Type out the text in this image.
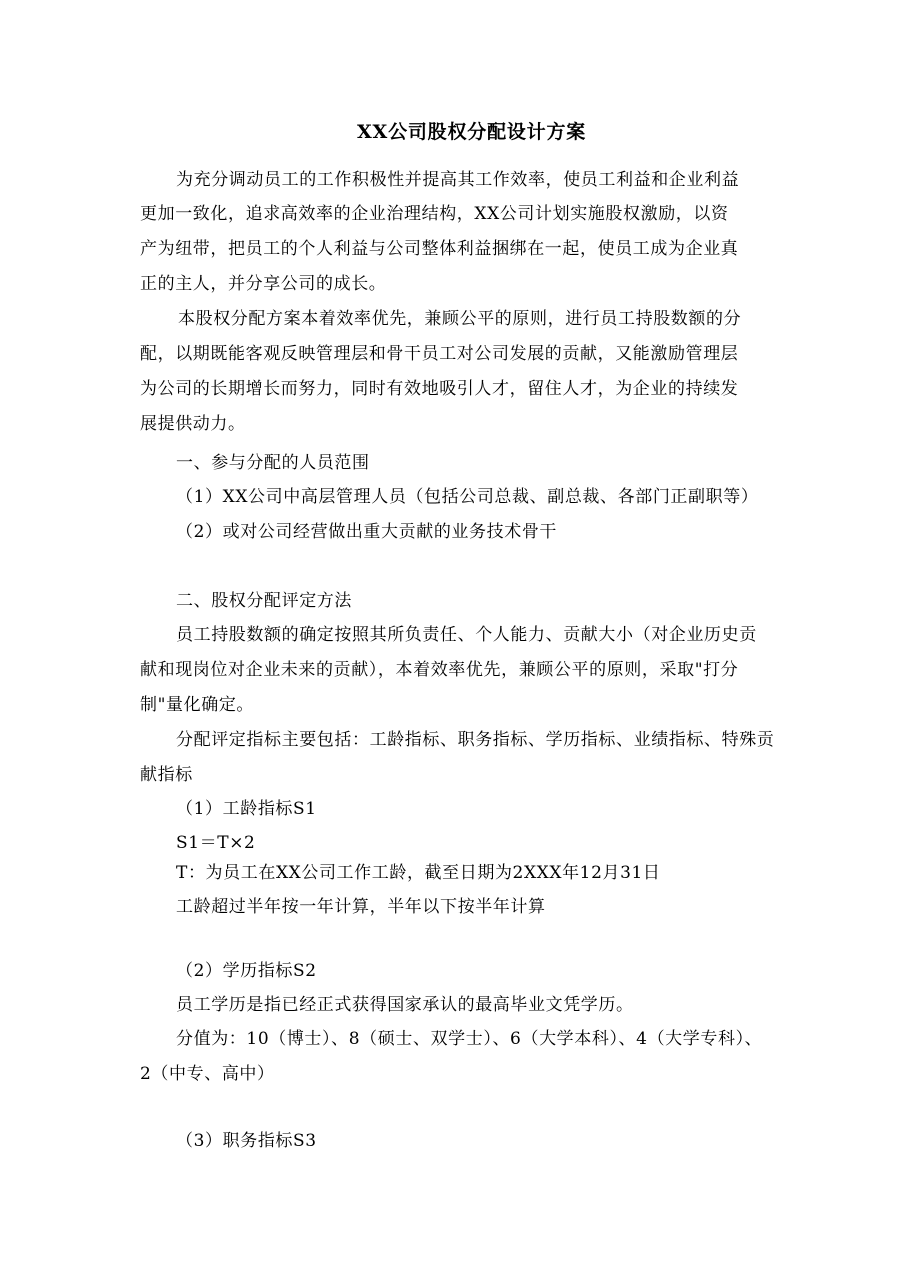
XX公司股权分配设计方案
为充分调动员工的工作积极性并提高其工作效率，使员工利益和企业利益
更加一致化，追求高效率的企业治理结构，XX公司计划实施股权激励，以资
产为纽带，把员工的个人利益与公司整体利益捆绑在一起，使员工成为企业真
正的主人，并分享公司的成长。
本股权分配方案本着效率优先，兼顾公平的原则，进行员工持股数额的分
配，以期既能客观反映管理层和骨干员工对公司发展的贡献，又能激励管理层
为公司的长期增长而努力，同时有效地吸引人才，留住人才，为企业的持续发
展提供动力。
一、参与分配的人员范围
（1）XX公司中高层管理人员（包括公司总裁、副总裁、各部门正副职等）
（2）或对公司经营做出重大贡献的业务技术骨干
二、股权分配评定方法
员工持股数额的确定按照其所负责任、个人能力、贡献大小（对企业历史贡
献和现岗位对企业未来的贡献），本着效率优先，兼顾公平的原则，采取"打分
制"量化确定。
分配评定指标主要包括：工龄指标、职务指标、学历指标、业绩指标、特殊贡
献指标
（1）工龄指标S1
S1＝T×2
T：为员工在XX公司工作工龄，截至日期为2XXX年12月31日
工龄超过半年按一年计算，半年以下按半年计算
（2）学历指标S2
员工学历是指已经正式获得国家承认的最高毕业文凭学历。
分值为：10（博士）、8（硕士、双学士）、6（大学本科）、4（大学专科）、
2（中专、高中）
（3）职务指标S3
